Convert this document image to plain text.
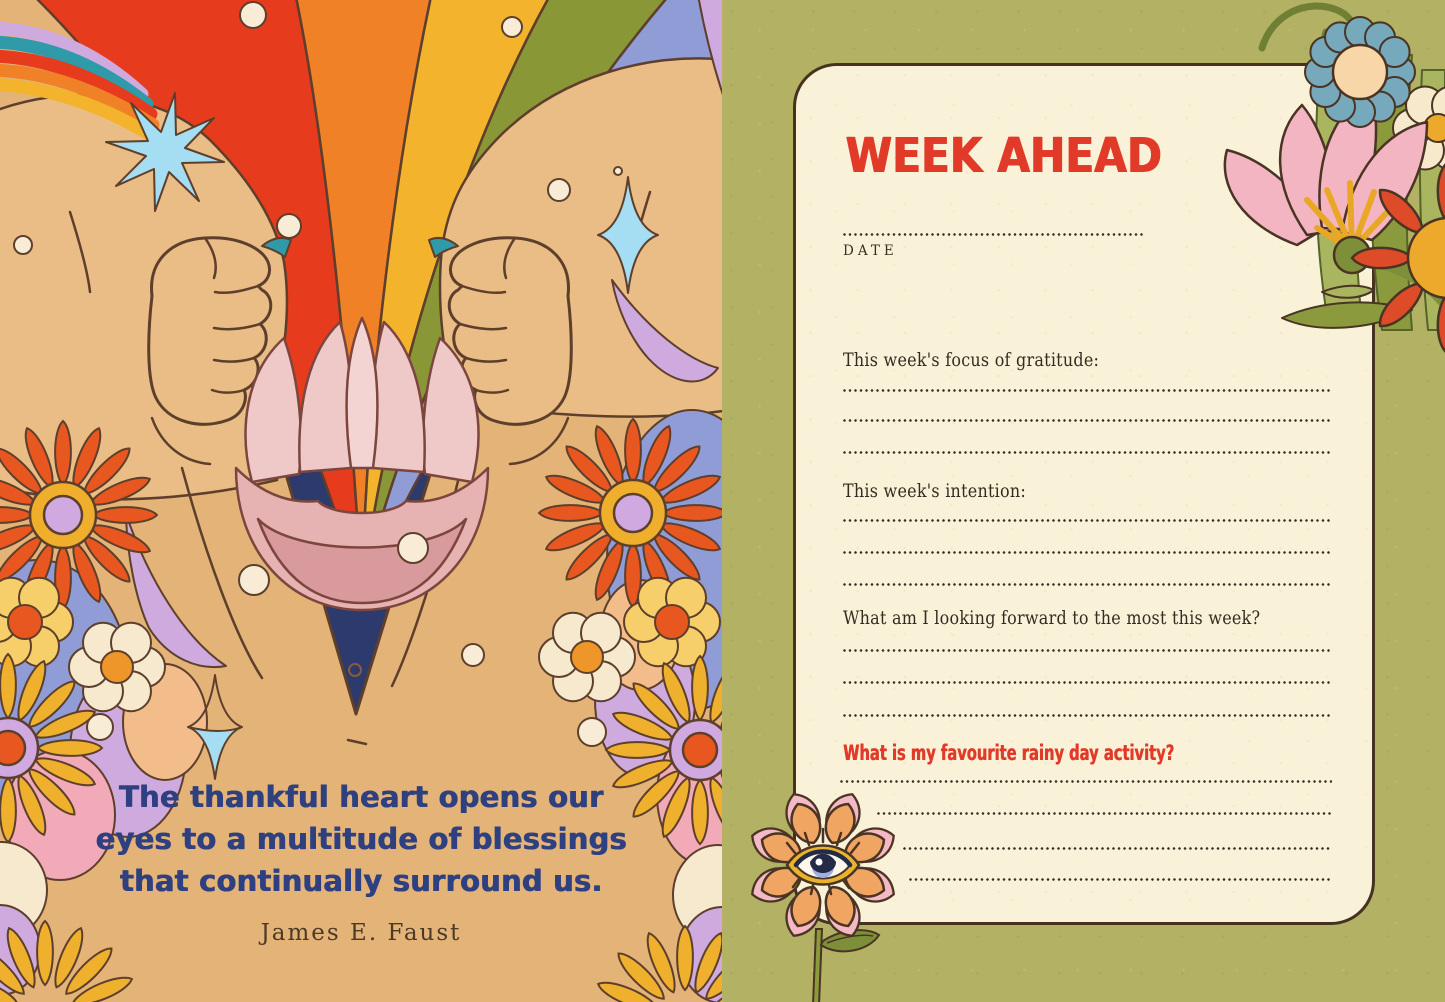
The thankful heart opens our
eyes to a multitude of blessings
that continually surround us.
James E. Faust
WEEK AHEAD
DATE
This week's focus of gratitude:
This week's intention:
What am I looking forward to the most this week?
What is my favourite rainy day activity?
